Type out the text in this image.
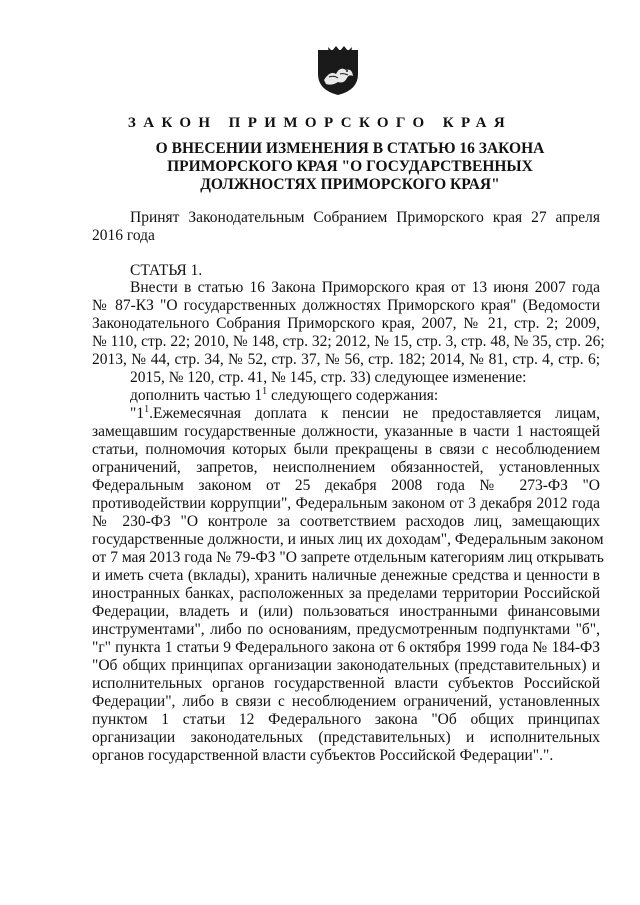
ЗАКОН ПРИМОРСКОГО КРАЯ
О ВНЕСЕНИИ ИЗМЕНЕНИЯ В СТАТЬЮ 16 ЗАКОНА
ПРИМОРСКОГО КРАЯ "О ГОСУДАРСТВЕННЫХ
ДОЛЖНОСТЯХ ПРИМОРСКОГО КРАЯ"
Принят Законодательным Собранием Приморского края 27 апреля
2016 года
СТАТЬЯ 1.
Внести в статью 16 Закона Приморского края от 13 июня 2007 года
№ 87-КЗ "О государственных должностях Приморского края" (Ведомости
Законодательного Собрания Приморского края, 2007, № 21, стр. 2; 2009,
№ 110, стр. 22; 2010, № 148, стр. 32; 2012, № 15, стр. 3, стр. 48, № 35, стр. 26;
2013, № 44, стр. 34, № 52, стр. 37, № 56, стр. 182; 2014, № 81, стр. 4, стр. 6;
2015, № 120, стр. 41, № 145, стр. 33) следующее изменение:
дополнить частью $1^1$ следующего содержания:
"$1^1.Ежемесячная$ доплата к пенсии не предоставляется лицам,
замещавшим государственные должности, указанные в части 1 настоящей
статьи, полномочия которых были прекращены в связи с несоблюдением
ограничений, запретов, неисполнением обязанностей, установленных
Федеральным законом от 25 декабря 2008 года № 273-ФЗ "О
противодействии коррупции", Федеральным законом от 3 декабря 2012 года
№ 230-ФЗ "О контроле за соответствием расходов лиц, замещающих
государственные должности, и иных лиц их доходам", Федеральным законом
от 7 мая 2013 года № 79-ФЗ "О запрете отдельным категориям лиц открывать
и иметь счета (вклады), хранить наличные денежные средства и ценности в
иностранных банках, расположенных за пределами территории Российской
Федерации, владеть и (или) пользоваться иностранными финансовыми
инструментами", либо по основаниям, предусмотренным подпунктами "б",
"г" пункта 1 статьи 9 Федерального закона от 6 октября 1999 года № 184-ФЗ
"Об общих принципах организации законодательных (представительных) и
исполнительных органов государственной власти субъектов Российской
Федерации", либо в связи с несоблюдением ограничений, установленных
пунктом 1 статьи 12 Федерального закона "Об общих принципах
организации законодательных (представительных) и исполнительных
органов государственной власти субъектов Российской Федерации".".
